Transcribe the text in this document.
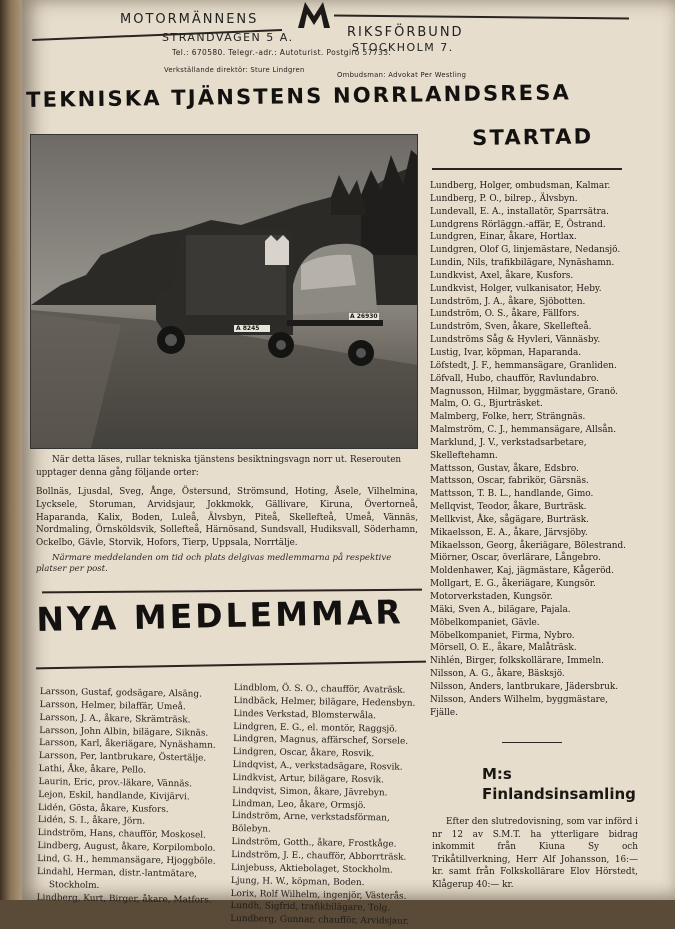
MOTORMÄNNENS
RIKSFÖRBUND
STRANDVÄGEN 5 A.
STOCKHOLM 7.
Tel.: 670580. Telegr.-adr.: Autoturist. Postgiro 57733.
Verkställande direktör: Sture Lindgren
Ombudsman: Advokat Per Westling
TEKNISKA TJÄNSTENS NORRLANDSRESA
STARTAD
A 8245
A 26930
När detta läses, rullar tekniska tjänstens besiktningsvagn norr ut. Reserouten upptager denna gång följande orter:
Bollnäs, Ljusdal, Sveg, Ånge, Östersund, Strömsund, Hoting, Åsele, Vilhelmina, Lycksele, Storuman, Arvidsjaur, Jokkmokk, Gällivare, Kiruna, Övertorneå, Haparanda, Kalix, Boden, Luleå, Älvsbyn, Piteå, Skellefteå, Umeå, Vännäs, Nordmaling, Örnsköldsvik, Sollefteå, Härnösand, Sundsvall, Hudiksvall, Söderhamn, Ockelbo, Gävle, Storvik, Hofors, Tierp, Uppsala, Norrtälje.
Närmare meddelanden om tid och plats delgivas medlemmarna på respektive platser per post.
NYA MEDLEMMAR
Larsson, Gustaf, godsägare, Alsäng.
Larsson, Helmer, bilaffär, Umeå.
Larsson, J. A., åkare, Skrämträsk.
Larsson, John Albin, bilägare, Siknäs.
Larsson, Karl, åkeriägare, Nynäshamn.
Larsson, Per, lantbrukare, Östertälje.
Lathi, Åke, åkare, Pello.
Laurin, Eric, prov.-läkare, Vännäs.
Lejon, Eskil, handlande, Kivijärvi.
Lidén, Gösta, åkare, Kusfors.
Lidén, S. I., åkare, Jörn.
Lindström, Hans, chaufför, Moskosel.
Lindberg, August, åkare, Korpilombolo.
Lind, G. H., hemmansägare, Hjoggböle.
Lindahl, Herman, distr.-lantmätare,
Stockholm.
Lindberg, Kurt, Birger, åkare, Matfors.
Lindblom, Ö. S. O., chaufför, Avaträsk.
Lindbäck, Helmer, bilägare, Hedensbyn.
Lindes Verkstad, Blomsterwåla.
Lindgren, E. G., el. montör, Raggsjö.
Lindgren, Magnus, affärschef, Sorsele.
Lindgren, Oscar, åkare, Rosvik.
Lindqvist, A., verkstadsägare, Rosvik.
Lindkvist, Artur, bilägare, Rosvik.
Lindqvist, Simon, åkare, Jävrebyn.
Lindman, Leo, åkare, Ormsjö.
Lindström, Arne, verkstadsförman, Bölebyn.
Lindström, Gotth., åkare, Frostkåge.
Lindström, J. E., chaufför, Abborrträsk.
Linjebuss, Aktiebolaget, Stockholm.
Ljung, H. W., köpman, Boden.
Lorix, Rolf Wilhelm, ingenjör, Västerås.
Lundh, Sigfrid, trafikbilägare, Tolg.
Lundberg, Gunnar, chaufför, Arvidsjaur.
Lundberg, Holger, ombudsman, Kalmar.
Lundberg, P. O., bilrep., Älvsbyn.
Lundevall, E. A., installatör, Sparrsätra.
Lundgrens Rörläggn.-affär, E, Östrand.
Lundgren, Einar, åkare, Hortlax.
Lundgren, Olof G, linjemästare, Nedansjö.
Lundin, Nils, trafikbilägare, Nynäshamn.
Lundkvist, Axel, åkare, Kusfors.
Lundkvist, Holger, vulkanisator, Heby.
Lundström, J. A., åkare, Sjöbotten.
Lundström, O. S., åkare, Fällfors.
Lundström, Sven, åkare, Skellefteå.
Lundströms Såg & Hyvleri, Vännäsby.
Lustig, Ivar, köpman, Haparanda.
Löfstedt, J. F., hemmansägare, Granliden.
Löfvall, Hubo, chaufför, Ravlundabro.
Magnusson, Hilmar, byggmästare, Granö.
Malm, O. G., Bjurträsket.
Malmberg, Folke, herr, Strängnäs.
Malmström, C. J., hemmansägare, Allsån.
Marklund, J. V., verkstadsarbetare, Skelleftehamn.
Mattsson, Gustav, åkare, Edsbro.
Mattsson, Oscar, fabrikör, Gärsnäs.
Mattsson, T. B. L., handlande, Gimo.
Mellqvist, Teodor, åkare, Burträsk.
Mellkvist, Åke, sågägare, Burträsk.
Mikaelsson, E. A., åkare, Järvsjöby.
Mikaelsson, Georg, åkeriägare, Bölestrand.
Miörner, Oscar, överlärare, Långebro.
Moldenhawer, Kaj, jägmästare, Kågeröd.
Mollgart, E. G., åkeriägare, Kungsör.
Motorverkstaden, Kungsör.
Mäki, Sven A., bilägare, Pajala.
Möbelkompaniet, Gävle.
Möbelkompaniet, Firma, Nybro.
Mörsell, O. E., åkare, Malåträsk.
Nihlén, Birger, folkskollärare, Immeln.
Nilsson, A. G., åkare, Bäsksjö.
Nilsson, Anders, lantbrukare, Jädersbruk.
Nilsson, Anders Wilhelm, byggmästare, Fjälle.
M:s Finlandsinsamling
Efter den slutredovisning, som var införd i nr 12 av S.M.T. ha ytterligare bidrag inkommit från Kiuna Sy och Trikåtillverkning, Herr Alf Johansson, 16:— kr. samt från Folkskollärare Elov Hörstedt, Klågerup 40:— kr.
